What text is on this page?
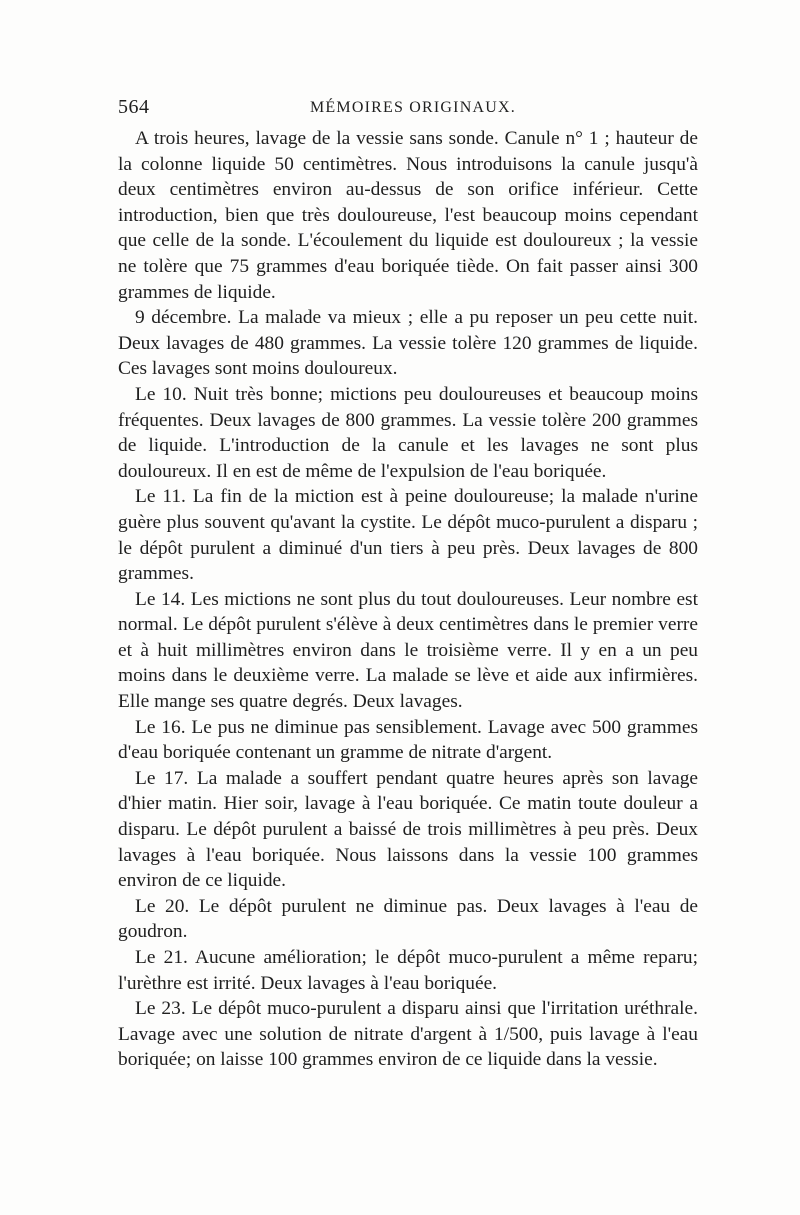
564	MÉMOIRES ORIGINAUX.

A trois heures, lavage de la vessie sans sonde. Canule n° 1 ; hauteur de la colonne liquide 50 centimètres. Nous introduisons la canule jusqu'à deux centimètres environ au-dessus de son orifice inférieur. Cette introduction, bien que très douloureuse, l'est beaucoup moins cependant que celle de la sonde. L'écoulement du liquide est douloureux ; la vessie ne tolère que 75 grammes d'eau boriquée tiède. On fait passer ainsi 300 grammes de liquide.

9 décembre. La malade va mieux ; elle a pu reposer un peu cette nuit. Deux lavages de 480 grammes. La vessie tolère 120 grammes de liquide. Ces lavages sont moins douloureux.

Le 10. Nuit très bonne; mictions peu douloureuses et beaucoup moins fréquentes. Deux lavages de 800 grammes. La vessie tolère 200 grammes de liquide. L'introduction de la canule et les lavages ne sont plus douloureux. Il en est de même de l'expulsion de l'eau boriquée.

Le 11. La fin de la miction est à peine douloureuse; la malade n'urine guère plus souvent qu'avant la cystite. Le dépôt muco-purulent a disparu ; le dépôt purulent a diminué d'un tiers à peu près. Deux lavages de 800 grammes.

Le 14. Les mictions ne sont plus du tout douloureuses. Leur nombre est normal. Le dépôt purulent s'élève à deux centimètres dans le premier verre et à huit millimètres environ dans le troisième verre. Il y en a un peu moins dans le deuxième verre. La malade se lève et aide aux infirmières. Elle mange ses quatre degrés. Deux lavages.

Le 16. Le pus ne diminue pas sensiblement. Lavage avec 500 grammes d'eau boriquée contenant un gramme de nitrate d'argent.

Le 17. La malade a souffert pendant quatre heures après son lavage d'hier matin. Hier soir, lavage à l'eau boriquée. Ce matin toute douleur a disparu. Le dépôt purulent a baissé de trois millimètres à peu près. Deux lavages à l'eau boriquée. Nous laissons dans la vessie 100 grammes environ de ce liquide.

Le 20. Le dépôt purulent ne diminue pas. Deux lavages à l'eau de goudron.

Le 21. Aucune amélioration; le dépôt muco-purulent a même reparu; l'urèthre est irrité. Deux lavages à l'eau boriquée.

Le 23. Le dépôt muco-purulent a disparu ainsi que l'irritation uréthrale. Lavage avec une solution de nitrate d'argent à 1/500, puis lavage à l'eau boriquée; on laisse 100 grammes environ de ce liquide dans la vessie.
